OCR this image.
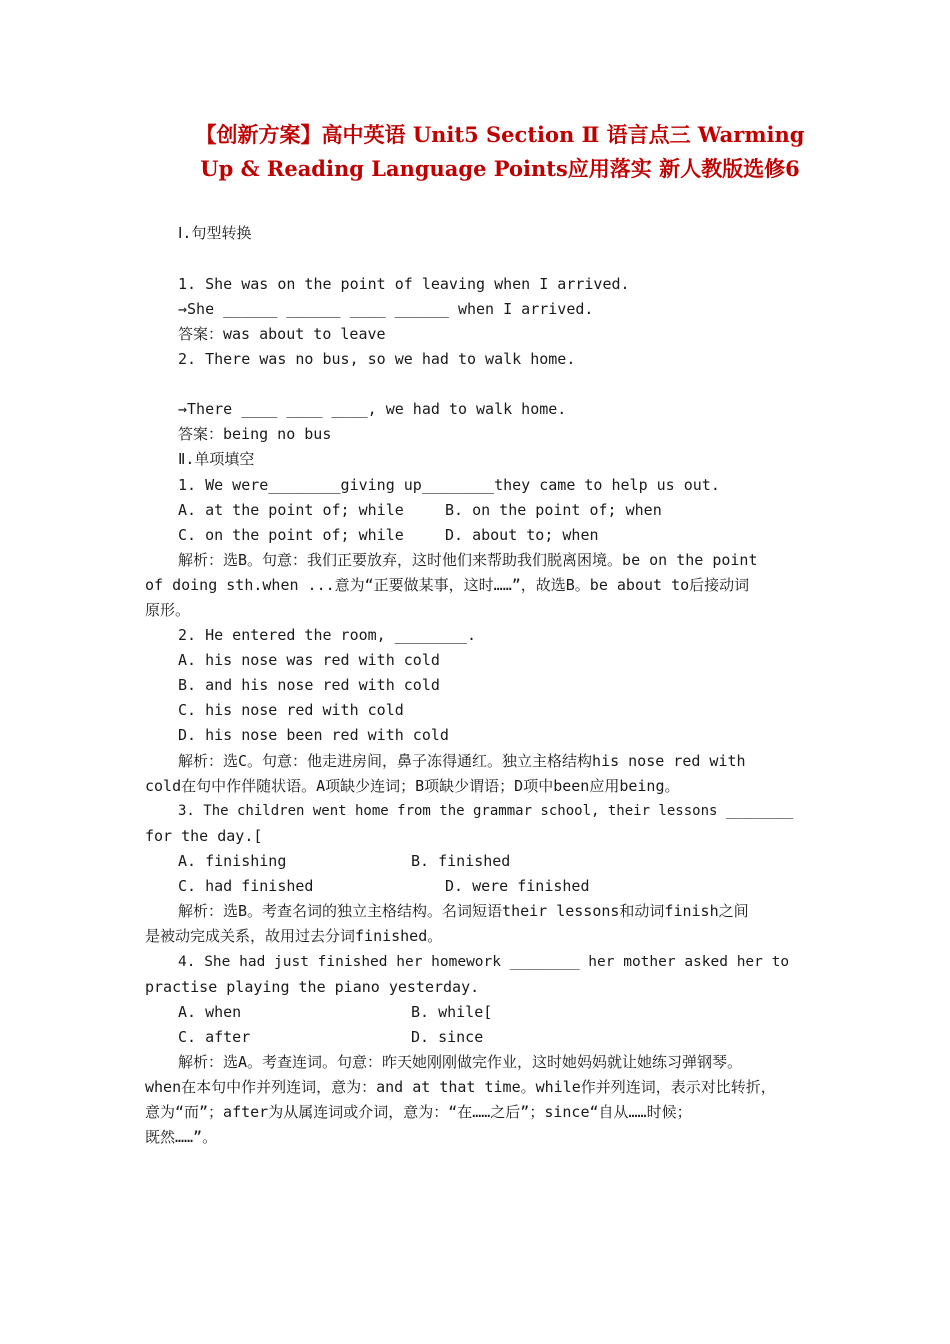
【创新方案】高中英语 Unit5 Section Ⅱ 语言点三 Warming
Up & Reading Language Points应用落实 新人教版选修6
Ⅰ.句型转换
1. She was on the point of leaving when I arrived.
→She ______ ______ ____ ______ when I arrived.
答案：was about to leave
2. There was no bus, so we had to walk home.
→There ____ ____ ____, we had to walk home.
答案：being no bus
Ⅱ.单项填空
1. We were________giving up________they came to help us out.
A. at the point of; while	B. on the point of; when
C. on the point of; while	D. about to; when
解析：选B。句意：我们正要放弃，这时他们来帮助我们脱离困境。be on the point
of doing sth.when ...意为“正要做某事，这时……”，故选B。be about to后接动词
原形。
2. He entered the room, ________.
A. his nose was red with cold
B. and his nose red with cold
C. his nose red with cold
D. his nose been red with cold
解析：选C。句意：他走进房间，鼻子冻得通红。独立主格结构his nose red with
cold在句中作伴随状语。A项缺少连词；B项缺少谓语；D项中been应用being。
3. The children went home from the grammar school, their lessons ________
for the day.[
A. finishing	B. finished
C. had finished	D. were finished
解析：选B。考查名词的独立主格结构。名词短语their lessons和动词finish之间
是被动完成关系，故用过去分词finished。
4. She had just finished her homework ________ her mother asked her to
practise playing the piano yesterday.
A. when	B. while[
C. after	D. since
解析：选A。考查连词。句意：昨天她刚刚做完作业，这时她妈妈就让她练习弹钢琴。
when在本句中作并列连词，意为：and at that time。while作并列连词，表示对比转折，
意为“而”；after为从属连词或介词，意为：“在……之后”；since“自从……时候；
既然……”。
